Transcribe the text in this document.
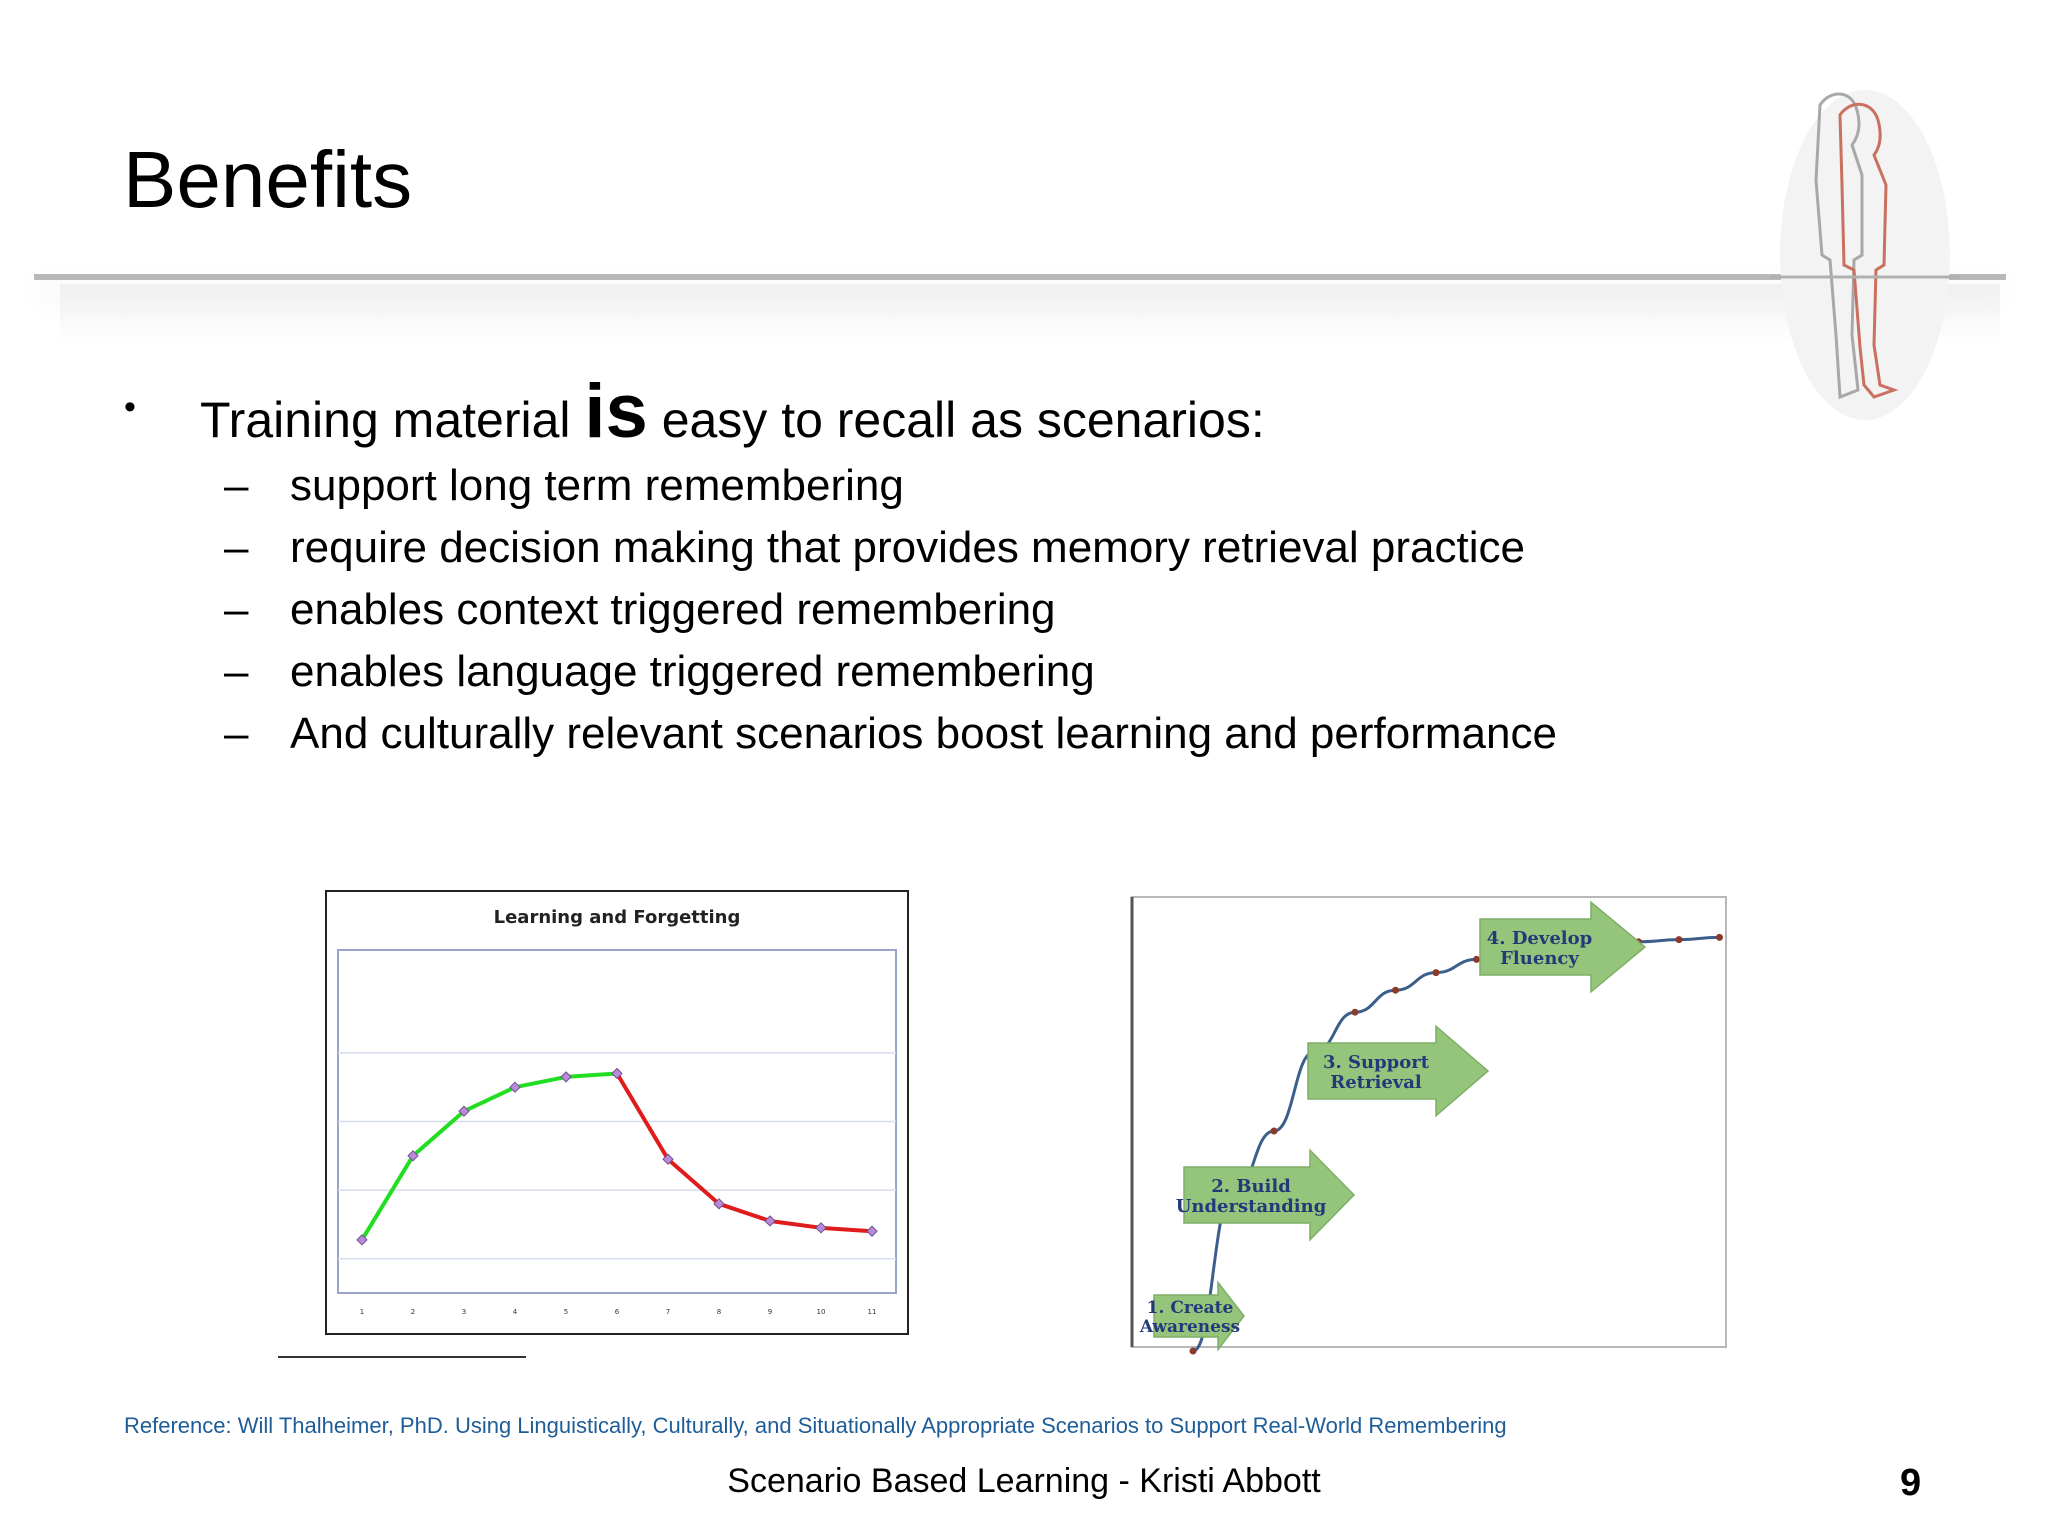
Benefits
• Training material is easy to recall as scenarios:
– support long term remembering
– require decision making that provides memory retrieval practice
– enables context triggered remembering
– enables language triggered remembering
– And culturally relevant scenarios boost learning and performance
Learning and Forgetting
1	2	3	4	5	6	7	8	9	10	11	1. Create Awareness
2. Build Understanding
3. Support Retrieval
4. Develop Fluency
Reference: Will Thalheimer, PhD. Using Linguistically, Culturally, and Situationally Appropriate Scenarios to Support Real-World Remembering
Scenario Based Learning - Kristi Abbott	9
